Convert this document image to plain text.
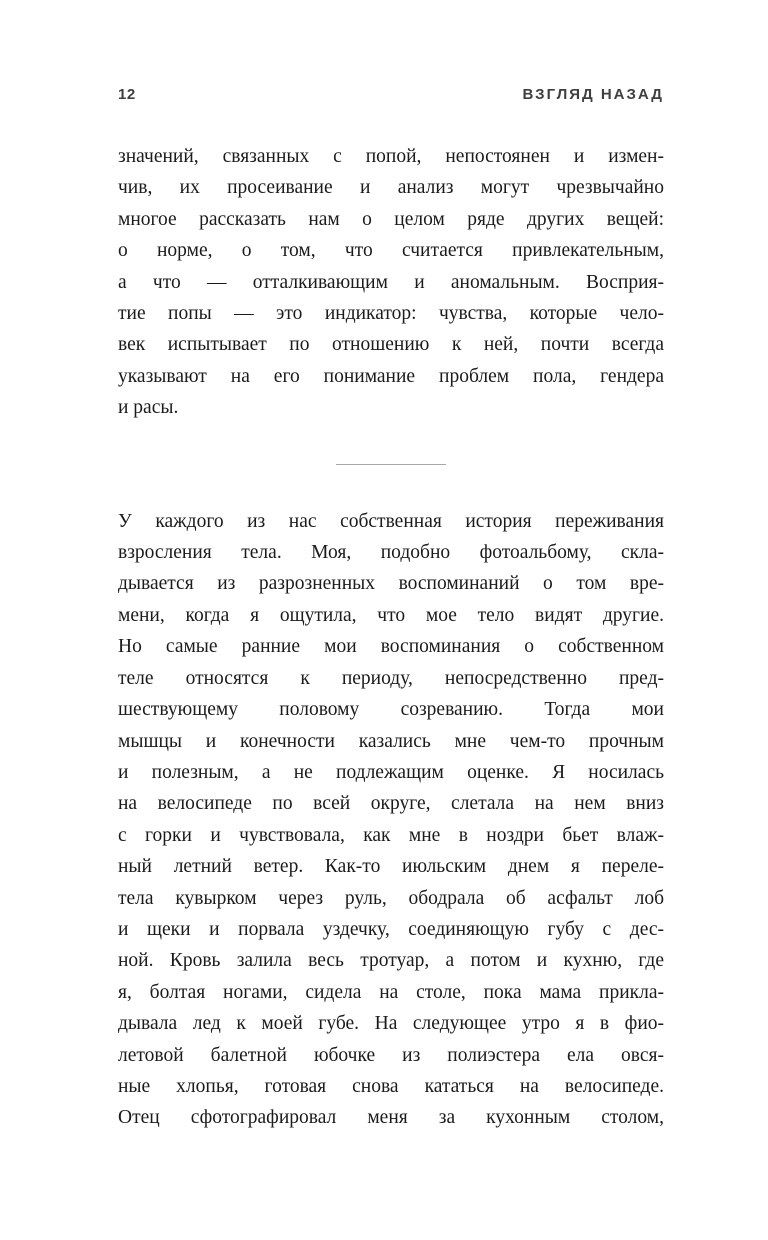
12	ВЗГЛЯД НАЗАД
значений, связанных с попой, непостоянен и измен-
чив, их просеивание и анализ могут чрезвычайно
многое рассказать нам о целом ряде других вещей:
о норме, о том, что считается привлекательным,
а что — отталкивающим и аномальным. Восприя-
тие попы — это индикатор: чувства, которые чело-
век испытывает по отношению к ней, почти всегда
указывают на его понимание проблем пола, гендера
и расы.
У каждого из нас собственная история переживания
взросления тела. Моя, подобно фотоальбому, скла-
дывается из разрозненных воспоминаний о том вре-
мени, когда я ощутила, что мое тело видят другие.
Но самые ранние мои воспоминания о собственном
теле относятся к периоду, непосредственно пред-
шествующему половому созреванию. Тогда мои
мышцы и конечности казались мне чем-то прочным
и полезным, а не подлежащим оценке. Я носилась
на велосипеде по всей округе, слетала на нем вниз
с горки и чувствовала, как мне в ноздри бьет влаж-
ный летний ветер. Как-то июльским днем я переле-
тела кувырком через руль, ободрала об асфальт лоб
и щеки и порвала уздечку, соединяющую губу с дес-
ной. Кровь залила весь тротуар, а потом и кухню, где
я, болтая ногами, сидела на столе, пока мама прикла-
дывала лед к моей губе. На следующее утро я в фио-
летовой балетной юбочке из полиэстера ела овся-
ные хлопья, готовая снова кататься на велосипеде.
Отец сфотографировал меня за кухонным столом,
